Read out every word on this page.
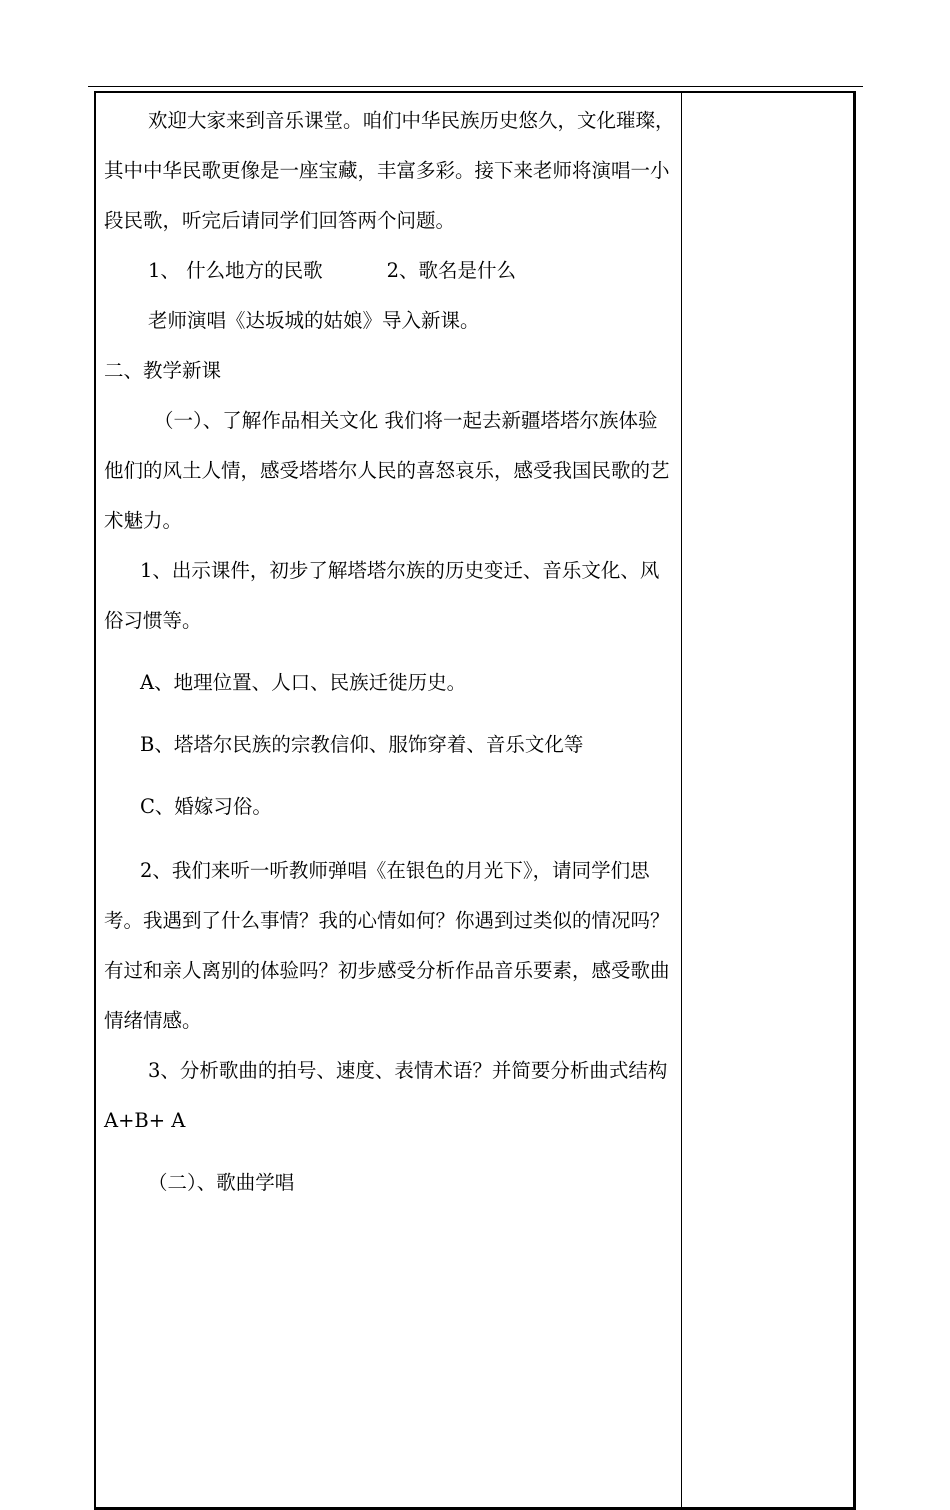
欢迎大家来到音乐课堂。咱们中华民族历史悠久，文化璀璨，其中中华民歌更像是一座宝藏，丰富多彩。接下来老师将演唱一小段民歌，听完后请同学们回答两个问题。

1、 什么地方的民歌	2、歌名是什么

老师演唱《达坂城的姑娘》导入新课。

二、教学新课

（一）、了解作品相关文化 我们将一起去新疆塔塔尔族体验他们的风土人情，感受塔塔尔人民的喜怒哀乐，感受我国民歌的艺术魅力。

1、出示课件，初步了解塔塔尔族的历史变迁、音乐文化、风俗习惯等。

A、地理位置、人口、民族迁徙历史。

B、塔塔尔民族的宗教信仰、服饰穿着、音乐文化等

C、婚嫁习俗。

2、我们来听一听教师弹唱《在银色的月光下》，请同学们思考。我遇到了什么事情？我的心情如何？你遇到过类似的情况吗？有过和亲人离别的体验吗？初步感受分析作品音乐要素，感受歌曲情绪情感。

3、分析歌曲的拍号、速度、表情术语？并简要分析曲式结构 A+B+ A

（二）、歌曲学唱
